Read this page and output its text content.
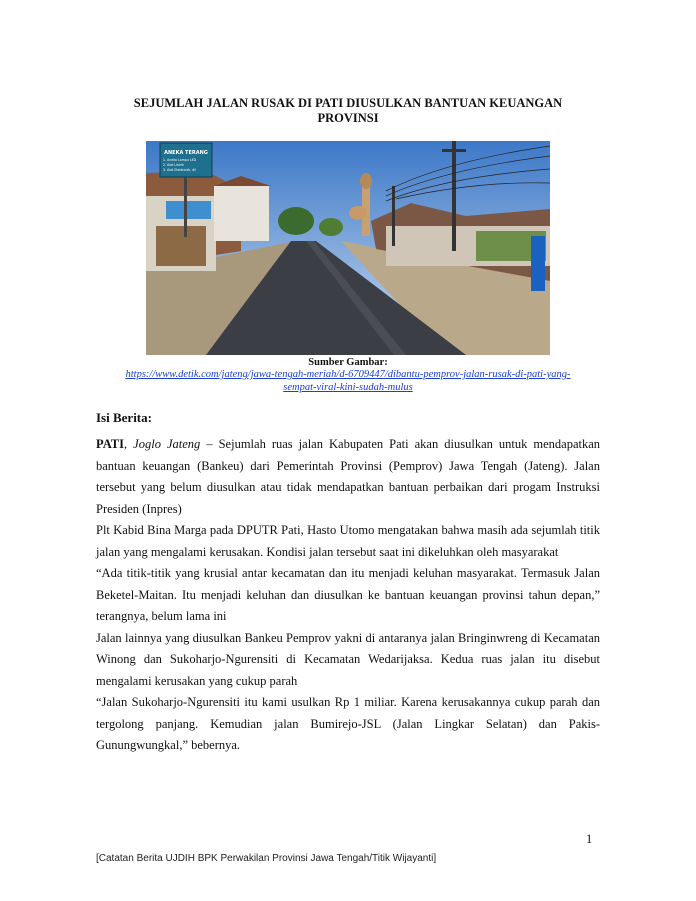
SEJUMLAH JALAN RUSAK DI PATI DIUSULKAN BANTUAN KEUANGAN
PROVINSI
ANEKA TERANG
1. Aneka Lampu LED
2. Alat Listrik
3. Alat Elektronik, dll
Sumber Gambar:
https://www.detik.com/jateng/jawa-tengah-meriah/d-6709447/dibantu-pemprov-jalan-rusak-di-pati-yang-
sempat-viral-kini-sudah-mulus
Isi Berita:

PATI, Joglo Jateng – Sejumlah ruas jalan Kabupaten Pati akan diusulkan untuk mendapatkan bantuan keuangan (Bankeu) dari Pemerintah Provinsi (Pemprov) Jawa Tengah (Jateng). Jalan tersebut yang belum diusulkan atau tidak mendapatkan bantuan perbaikan dari progam Instruksi Presiden (Inpres)

Plt Kabid Bina Marga pada DPUTR Pati, Hasto Utomo mengatakan bahwa masih ada sejumlah titik jalan yang mengalami kerusakan. Kondisi jalan tersebut saat ini dikeluhkan oleh masyarakat

“Ada titik-titik yang krusial antar kecamatan dan itu menjadi keluhan masyarakat. Termasuk Jalan Beketel-Maitan. Itu menjadi keluhan dan diusulkan ke bantuan keuangan provinsi tahun depan,” terangnya, belum lama ini

Jalan lainnya yang diusulkan Bankeu Pemprov yakni di antaranya jalan Bringinwreng di Kecamatan Winong dan Sukoharjo-Ngurensiti di Kecamatan Wedarijaksa. Kedua ruas jalan itu disebut mengalami kerusakan yang cukup parah

“Jalan Sukoharjo-Ngurensiti itu kami usulkan Rp 1 miliar. Karena kerusakannya cukup parah dan tergolong panjang. Kemudian jalan Bumirejo-JSL (Jalan Lingkar Selatan) dan Pakis-Gunungwungkal,” bebernya.

1
[Catatan Berita UJDIH BPK Perwakilan Provinsi Jawa Tengah/Titik Wijayanti]
